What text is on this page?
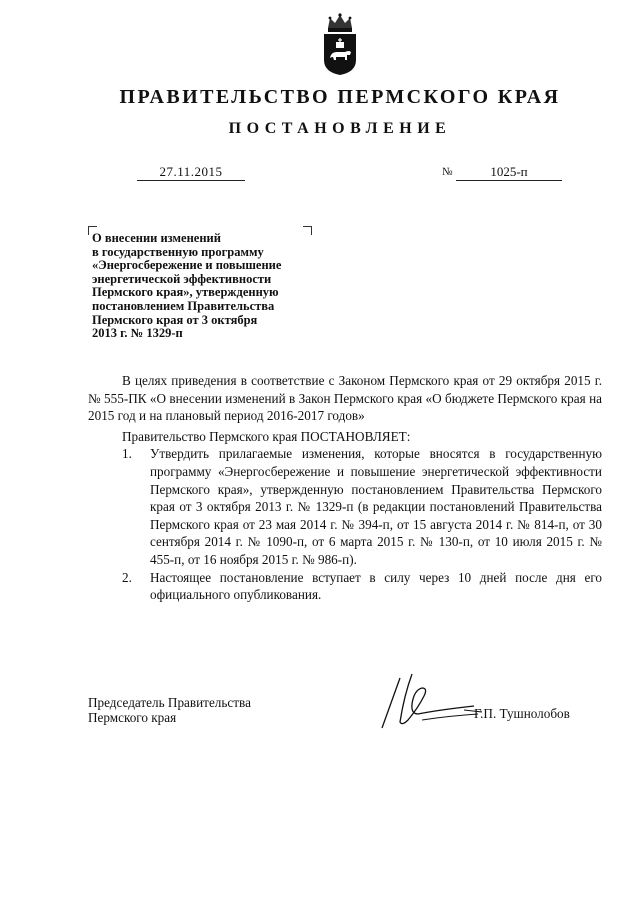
ПРАВИТЕЛЬСТВО ПЕРМСКОГО КРАЯ
ПОСТАНОВЛЕНИЕ
27.11.2015	№	1025-п

О внесении изменений
в государственную программу
«Энергосбережение и повышение
энергетической эффективности
Пермского края», утвержденную
постановлением Правительства
Пермского края от 3 октября
2013 г. № 1329-п

В целях приведения в соответствие с Законом Пермского края от 29 октября 2015 г. № 555-ПК «О внесении изменений в Закон Пермского края «О бюджете Пермского края на 2015 год и на плановый период 2016-2017 годов»

Правительство Пермского края ПОСТАНОВЛЯЕТ:

1.	Утвердить прилагаемые изменения, которые вносятся в государственную программу «Энергосбережение и повышение энергетической эффективности Пермского края», утвержденную постановлением Правительства Пермского края от 3 октября 2013 г. № 1329-п (в редакции постановлений Правительства Пермского края от 23 мая 2014 г. № 394-п, от 15 августа 2014 г. № 814-п, от 30 сентября 2014 г. № 1090-п, от 6 марта 2015 г. № 130-п, от 10 июля 2015 г. № 455-п, от 16 ноября 2015 г. № 986-п).
2.	Настоящее постановление вступает в силу через 10 дней после дня его официального опубликования.
Председатель Правительства
Пермского края	Г.П. Тушнолобов
